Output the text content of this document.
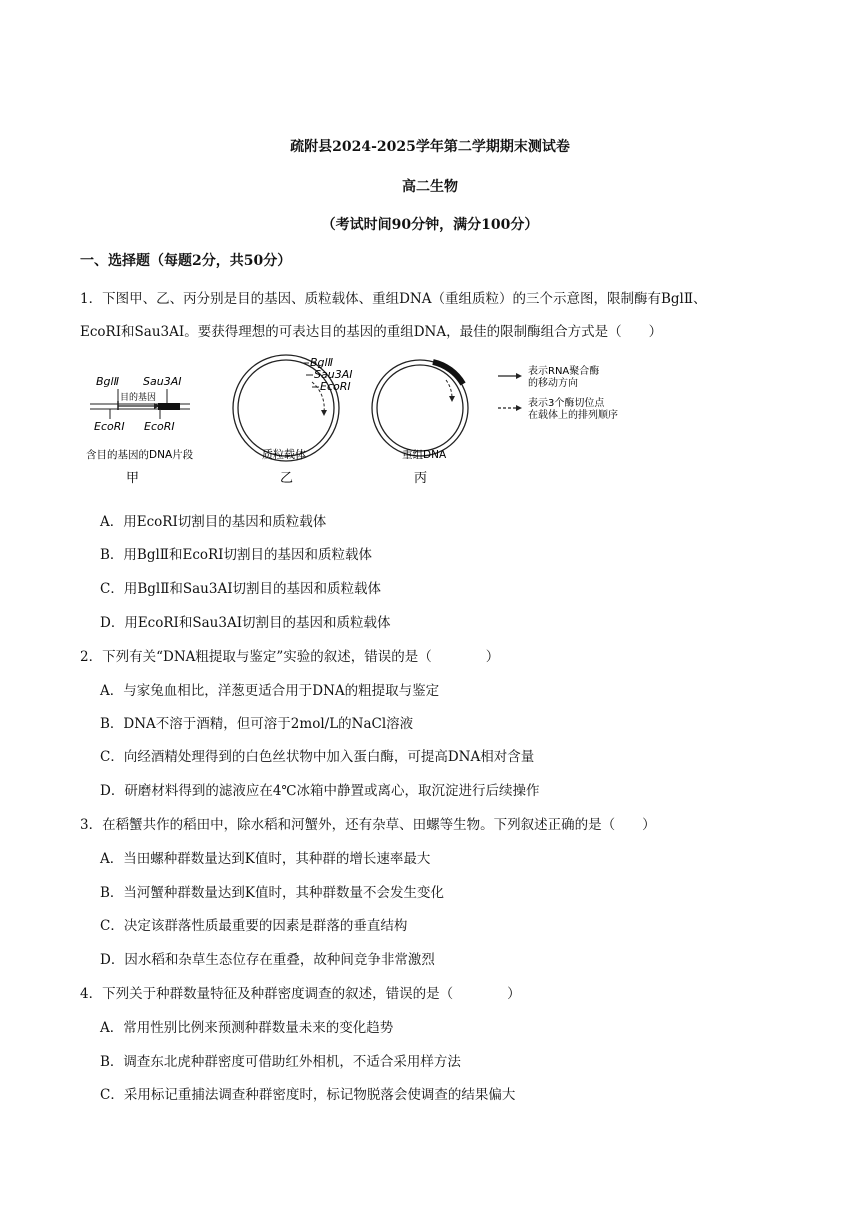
疏附县2024-2025学年第二学期期末测试卷
高二生物
（考试时间90分钟，满分100分）
一、选择题（每题2分，共50分）
1．下图甲、乙、丙分别是目的基因、质粒载体、重组DNA（重组质粒）的三个示意图，限制酶有BglⅡ、
EcoRⅠ和Sau3AⅠ。要获得理想的可表达目的基因的重组DNA，最佳的限制酶组合方式是（　　）
BglⅡ Sau3AⅠ
目的基因
EcoRⅠ EcoRⅠ
含目的基因的DNA片段
甲
BglⅡ
Sau3AⅠ
EcoRⅠ
质粒载体
乙
重组DNA
丙
表示RNA聚合酶
的移动方向
表示3个酶切位点
在载体上的排列顺序
A．用EcoRⅠ切割目的基因和质粒载体
B．用BglⅡ和EcoRⅠ切割目的基因和质粒载体
C．用BglⅡ和Sau3AⅠ切割目的基因和质粒载体
D．用EcoRⅠ和Sau3AⅠ切割目的基因和质粒载体
2．下列有关“DNA粗提取与鉴定”实验的叙述，错误的是（　　　　）
A．与家兔血相比，洋葱更适合用于DNA的粗提取与鉴定
B．DNA不溶于酒精，但可溶于2mol/L的NaCl溶液
C．向经酒精处理得到的白色丝状物中加入蛋白酶，可提高DNA相对含量
D．研磨材料得到的滤液应在4℃冰箱中静置或离心，取沉淀进行后续操作
3．在稻蟹共作的稻田中，除水稻和河蟹外，还有杂草、田螺等生物。下列叙述正确的是（　　）
A．当田螺种群数量达到K值时，其种群的增长速率最大
B．当河蟹种群数量达到K值时，其种群数量不会发生变化
C．决定该群落性质最重要的因素是群落的垂直结构
D．因水稻和杂草生态位存在重叠，故种间竞争非常激烈
4．下列关于种群数量特征及种群密度调查的叙述，错误的是（　　　　）
A．常用性别比例来预测种群数量未来的变化趋势
B．调查东北虎种群密度可借助红外相机，不适合采用样方法
C．采用标记重捕法调查种群密度时，标记物脱落会使调查的结果偏大
